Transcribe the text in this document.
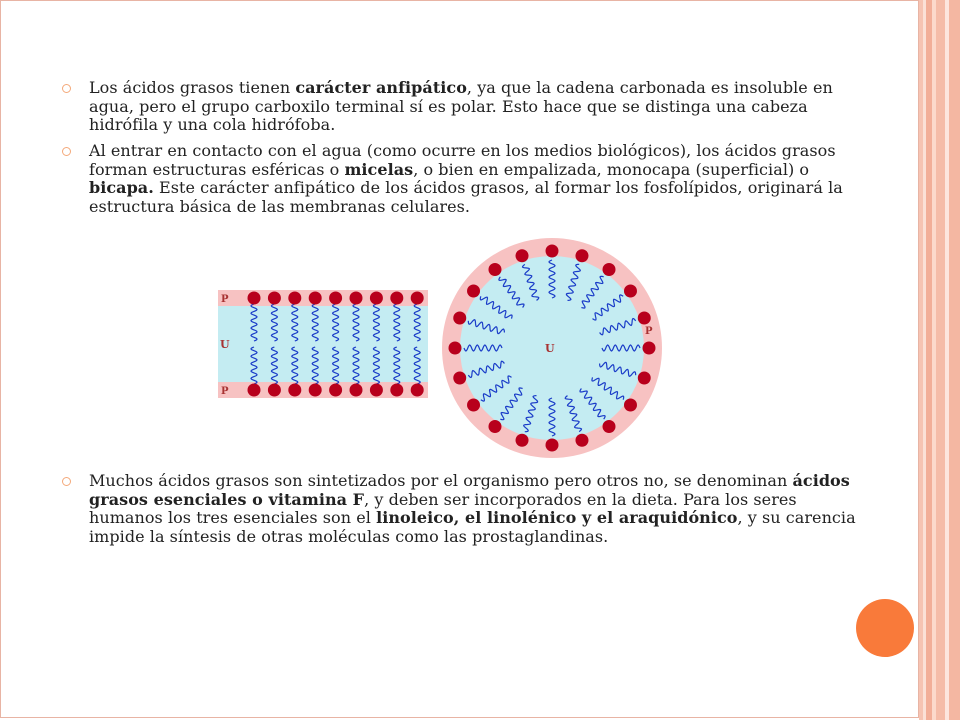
Los ácidos grasos tienen carácter anfipático, ya que la cadena carbonada es insoluble en agua, pero el grupo carboxilo terminal sí es polar. Esto hace que se distinga una cabeza hidrófila y una cola hidrófoba.
Al entrar en contacto con el agua (como ocurre en los medios biológicos), los ácidos grasos forman estructuras esféricas o micelas, o bien en empalizada, monocapa (superficial) o bicapa. Este carácter anfipático de los ácidos grasos, al formar los fosfolípidos, originará la estructura básica de las membranas celulares.
P
U
P
U
P
Muchos ácidos grasos son sintetizados por el organismo pero otros no, se denominan ácidos grasos esenciales o vitamina F, y deben ser incorporados en la dieta. Para los seres humanos los tres esenciales son el linoleico, el linolénico y el araquidónico, y su carencia impide la síntesis de otras moléculas como las prostaglandinas.
